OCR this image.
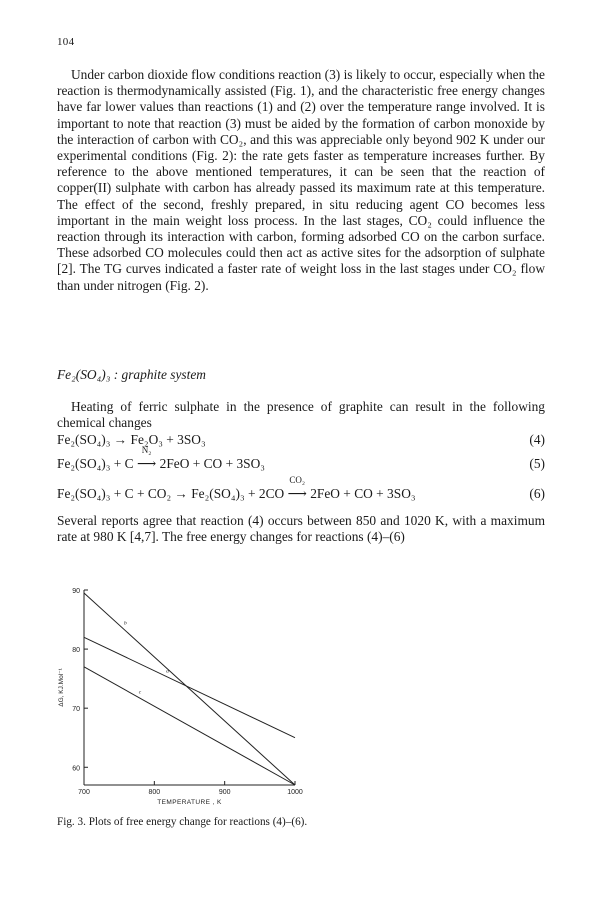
104

Under carbon dioxide flow conditions reaction (3) is likely to occur, especially when the reaction is thermodynamically assisted (Fig. 1), and the characteristic free energy changes have far lower values than reactions (1) and (2) over the temperature range involved. It is important to note that reaction (3) must be aided by the formation of carbon monoxide by the interaction of carbon with CO₂, and this was appreciable only beyond 902 K under our experimental conditions (Fig. 2): the rate gets faster as temperature increases further. By reference to the above mentioned temperatures, it can be seen that the reaction of copper(II) sulphate with carbon has already passed its maximum rate at this temperature. The effect of the second, freshly prepared, in situ reducing agent CO becomes less important in the main weight loss process. In the last stages, CO₂ could influence the reaction through its interaction with carbon, forming adsorbed CO on the carbon surface. These adsorbed CO molecules could then act as active sites for the adsorption of sulphate [2]. The TG curves indicated a faster rate of weight loss in the last stages under CO₂ flow than under nitrogen (Fig. 2).

Fe₂(SO₄)₃ : graphite system

Heating of ferric sulphate in the presence of graphite can result in the following chemical changes

Fe₂(SO₄)₃ → Fe₂O₃ + 3SO₃	(4)
Fe₂(SO₄)₃ + C
N₂
⟶ 2FeO + CO + 3SO₃	(5)
Fe₂(SO₄)₃ + C + CO₂ → Fe₂(SO₄)₃ + 2CO
CO₂
⟶ 2FeO + CO + 3SO₃	(6)

Several reports agree that reaction (4) occurs between 850 and 1020 K, with a maximum rate at 980 K [4,7]. The free energy changes for reactions (4)–(6)

60
70
80
90
700	800	900	1000
TEMPERATURE , K
ΔG, KJ.Mol⁻¹	a
b
c

Fig. 3. Plots of free energy change for reactions (4)–(6).
